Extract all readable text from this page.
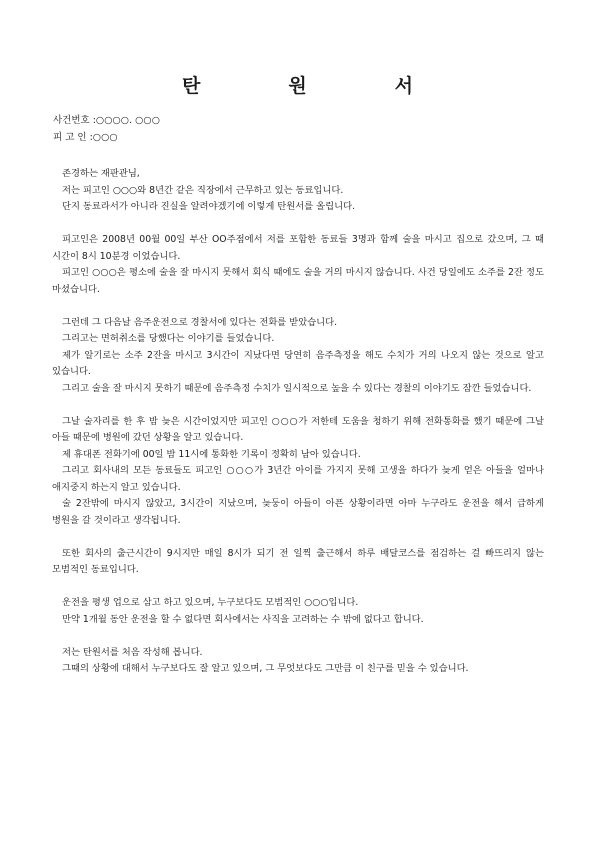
탄	원	서
사건번호 :○○○○. ○○○
피 고 인 :○○○

존경하는 재판관님,

저는 피고인 ○○○와 8년간 같은 직장에서 근무하고 있는 동료입니다.

단지 동료라서가 아니라 진실을 알려야겠기에 이렇게 탄원서를 올립니다.

피고인은 2008년 00월 00일 부산 OO주점에서 저를 포함한 동료들 3명과 함께 술을 마시고 집으로 갔으며, 그 때 시간이 8시 10분경 이었습니다.

피고인 ○○○은 평소에 술을 잘 마시지 못해서 회식 때에도 술을 거의 마시지 않습니다. 사건 당일에도 소주를 2잔 정도 마셨습니다.

그런데 그 다음날 음주운전으로 경찰서에 있다는 전화를 받았습니다.

그리고는 면허취소를 당했다는 이야기를 들었습니다.

제가 알기로는 소주 2잔을 마시고 3시간이 지났다면 당연히 음주측정을 해도 수치가 거의 나오지 않는 것으로 알고 있습니다.

그리고 술을 잘 마시지 못하기 때문에 음주측정 수치가 일시적으로 높을 수 있다는 경찰의 이야기도 잠깐 들었습니다.

그날 술자리를 한 후 밤 늦은 시간이었지만 피고인 ○○○가 저한테 도움을 청하기 위해 전화통화를 했기 때문에 그날 아들 때문에 병원에 갔던 상황을 알고 있습니다.

제 휴대폰 전화기에 00일 밤 11시에 통화한 기록이 정확히 남아 있습니다.

그리고 회사내의 모든 동료들도 피고인 ○○○가 3년간 아이를 가지지 못해 고생을 하다가 늦게 얻은 아들을 얼마나 애지중지 하는지 알고 있습니다.

술 2잔밖에 마시지 않았고, 3시간이 지났으며, 늦둥이 아들이 아픈 상황이라면 아마 누구라도 운전을 해서 급하게 병원을 갈 것이라고 생각됩니다.

또한 회사의 출근시간이 9시지만 매일 8시가 되기 전 일찍 출근해서 하루 배달코스를 점검하는 걸 빠뜨리지 않는 모범적인 동료입니다.

운전을 평생 업으로 삼고 하고 있으며, 누구보다도 모범적인 ○○○입니다.

만약 1개월 동안 운전을 할 수 없다면 회사에서는 사직을 고려하는 수 밖에 없다고 합니다.

저는 탄원서를 처음 작성해 봅니다.

그때의 상황에 대해서 누구보다도 잘 알고 있으며, 그 무엇보다도 그만큼 이 친구를 믿을 수 있습니다.
